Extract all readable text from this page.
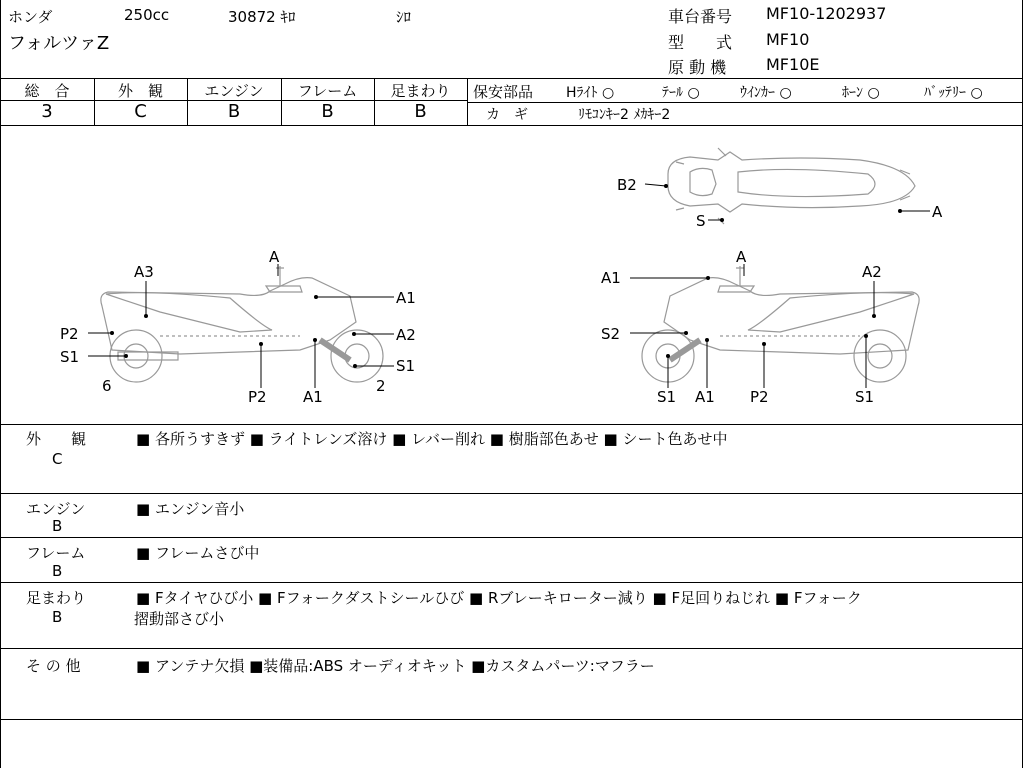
ホンダ	250cc	30872 ｷﾛ	ｼﾛ
フォルツァZ
車台番号 MF10-1202937
型　　式 MF10
原 動 機 MF10E
総　合	外　観	エンジン	フレーム	足まわり
3	C	B	B	B
保安部品 Hﾗｲﾄ ○	ﾃｰﾙ ○	ｳｲﾝｶｰ ○	ﾎｰﾝ ○	ﾊﾞｯﾃﾘｰ ○
カ　ギ	ﾘﾓｺﾝｷｰ2 ﾒｶｷｰ2
B2
S	A
A
A3
A1
P2	A2
S1	S1
6	2
P2 A1
A
A1	A2
S2
S1 A1 P2	S1
外　　観
C
■ 各所うすきず ■ ライトレンズ溶け ■ レバー削れ ■ 樹脂部色あせ ■ シート色あせ中
エンジン
B
■ エンジン音小
フレーム
B
■ フレームさび中
足まわり
B
■ Fタイヤひび小 ■ Fフォークダストシールひび ■ Rブレーキローター減り ■ F足回りねじれ ■ Fフォーク
摺動部さび小
そ の 他	■ アンテナ欠損 ■装備品:ABS オーディオキット ■カスタムパーツ:マフラー
